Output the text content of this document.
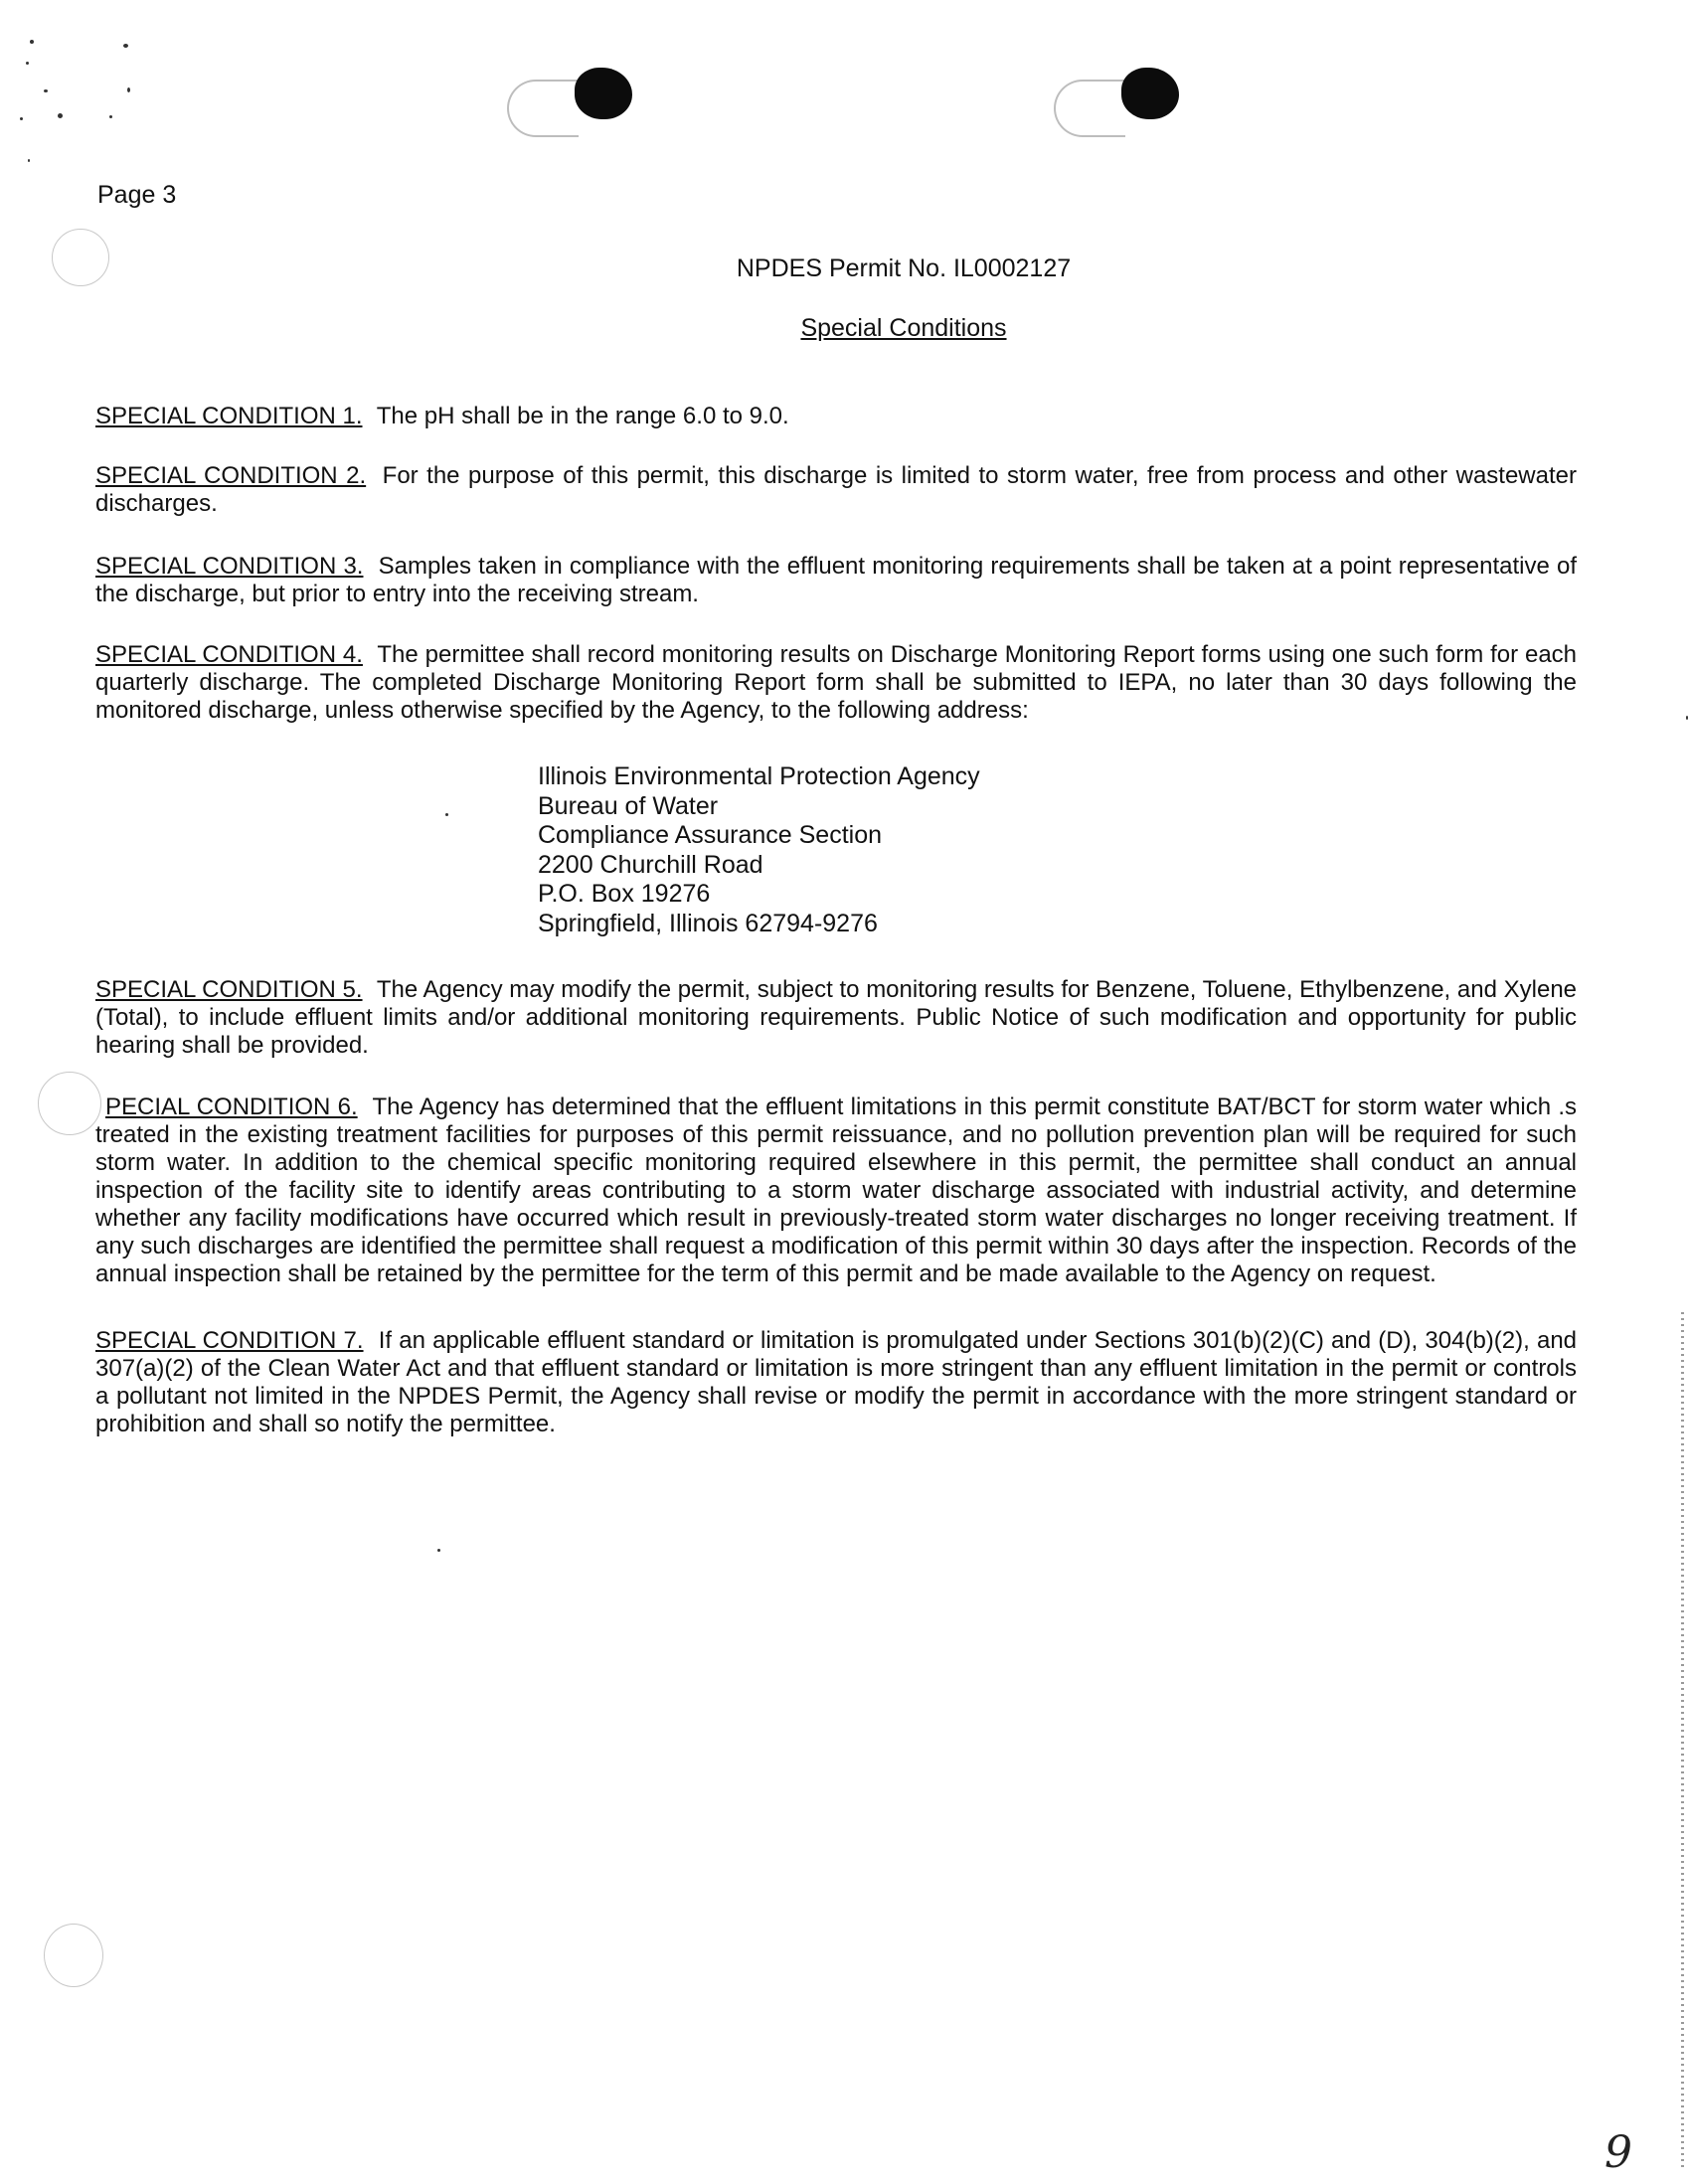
Page 3
NPDES Permit No. IL0002127
Special Conditions
SPECIAL CONDITION 1. The pH shall be in the range 6.0 to 9.0.
SPECIAL CONDITION 2. For the purpose of this permit, this discharge is limited to storm water, free from process and other wastewater discharges.
SPECIAL CONDITION 3. Samples taken in compliance with the effluent monitoring requirements shall be taken at a point representative of the discharge, but prior to entry into the receiving stream.
SPECIAL CONDITION 4. The permittee shall record monitoring results on Discharge Monitoring Report forms using one such form for each quarterly discharge. The completed Discharge Monitoring Report form shall be submitted to IEPA, no later than 30 days following the monitored discharge, unless otherwise specified by the Agency, to the following address:
Illinois Environmental Protection Agency
Bureau of Water
Compliance Assurance Section
2200 Churchill Road
P.O. Box 19276
Springfield, Illinois 62794-9276
SPECIAL CONDITION 5. The Agency may modify the permit, subject to monitoring results for Benzene, Toluene, Ethylbenzene, and Xylene (Total), to include effluent limits and/or additional monitoring requirements. Public Notice of such modification and opportunity for public hearing shall be provided.
PECIAL CONDITION 6. The Agency has determined that the effluent limitations in this permit constitute BAT/BCT for storm water which .s treated in the existing treatment facilities for purposes of this permit reissuance, and no pollution prevention plan will be required for such storm water. In addition to the chemical specific monitoring required elsewhere in this permit, the permittee shall conduct an annual inspection of the facility site to identify areas contributing to a storm water discharge associated with industrial activity, and determine whether any facility modifications have occurred which result in previously-treated storm water discharges no longer receiving treatment. If any such discharges are identified the permittee shall request a modification of this permit within 30 days after the inspection. Records of the annual inspection shall be retained by the permittee for the term of this permit and be made available to the Agency on request.
SPECIAL CONDITION 7. If an applicable effluent standard or limitation is promulgated under Sections 301(b)(2)(C) and (D), 304(b)(2), and 307(a)(2) of the Clean Water Act and that effluent standard or limitation is more stringent than any effluent limitation in the permit or controls a pollutant not limited in the NPDES Permit, the Agency shall revise or modify the permit in accordance with the more stringent standard or prohibition and shall so notify the permittee.
9
